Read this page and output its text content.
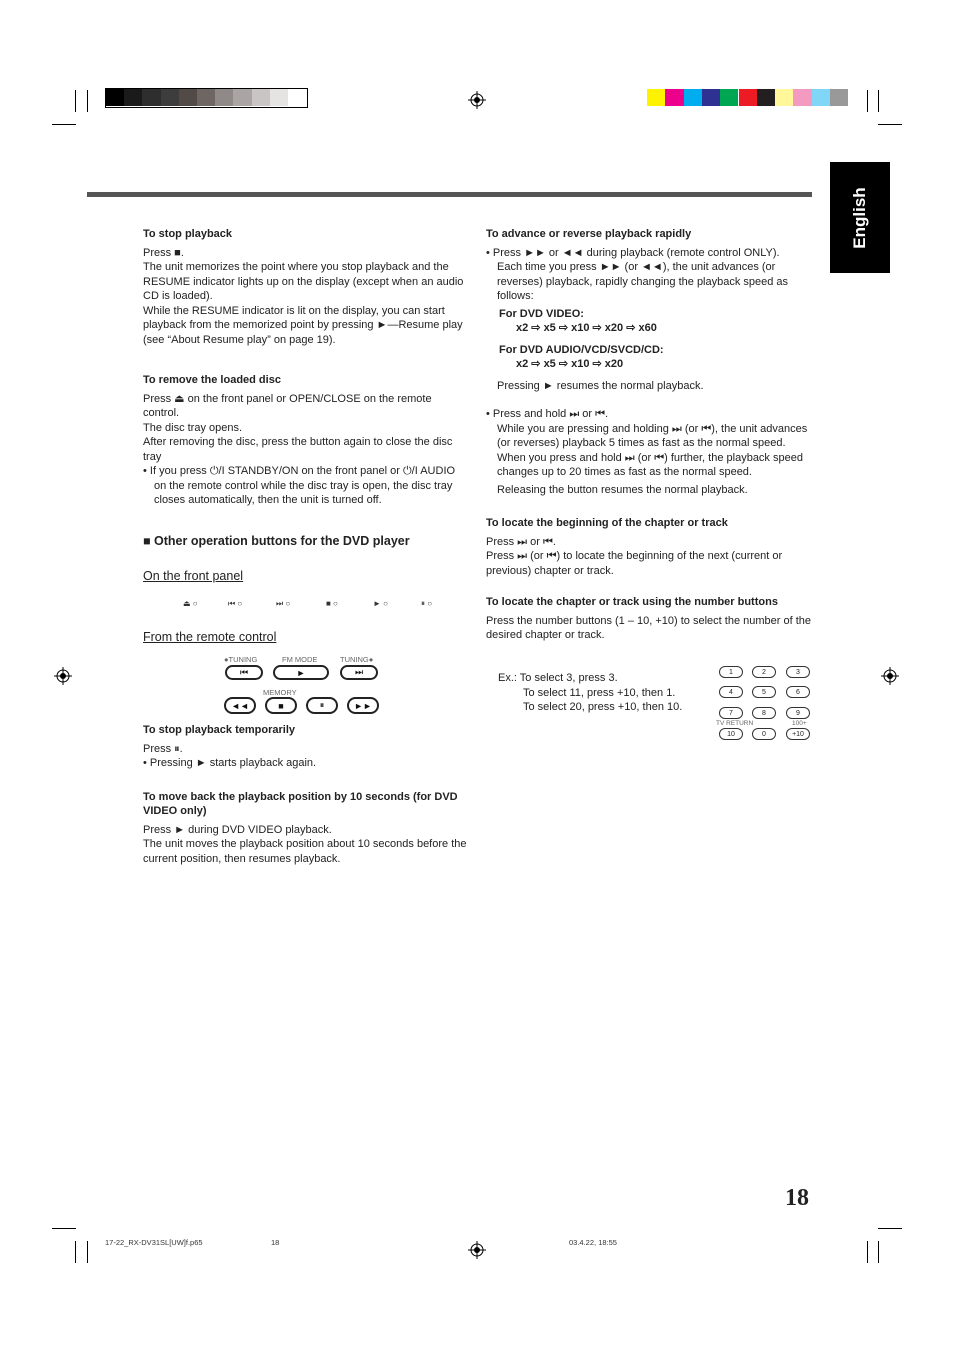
English

To stop playback

Press ■.

The unit memorizes the point where you stop playback and the RESUME indicator lights up on the display (except when an audio CD is loaded).

While the RESUME indicator is lit on the display, you can start playback from the memorized point by pressing ►—Resume play (see “About Resume play” on page 19).

To remove the loaded disc

Press ⏏ on the front panel or OPEN/CLOSE on the remote control.

The disc tray opens.

After removing the disc, press the button again to close the disc tray

• If you press ⏻/I STANDBY/ON on the front panel or ⏻/I AUDIO on the remote control while the disc tray is open, the disc tray closes automatically, then the unit is turned off.

■ Other operation buttons for the DVD player

On the front panel

⏏ ○	⏮ ○	⏭ ○	■ ○	► ○	⏸ ○

From the remote control

●TUNING	FM MODE	TUNING●
⏮	►	⏭
MEMORY
◄◄	■	⏸	►►

To stop playback temporarily

Press ⏸.

• Pressing ► starts playback again.

To move back the playback position by 10 seconds (for DVD VIDEO only)

Press ► during DVD VIDEO playback.

The unit moves the playback position about 10 seconds before the current position, then resumes playback.

To advance or reverse playback rapidly

• Press ►► or ◄◄ during playback (remote control ONLY).

Each time you press ►► (or ◄◄), the unit advances (or reverses) playback, rapidly changing the playback speed as follows:

For DVD VIDEO:

x2 ⇨ x5 ⇨ x10 ⇨ x20 ⇨ x60

For DVD AUDIO/VCD/SVCD/CD:

x2 ⇨ x5 ⇨ x10 ⇨ x20

Pressing ► resumes the normal playback.

• Press and hold ⏭ or ⏮.

While you are pressing and holding ⏭ (or ⏮), the unit advances (or reverses) playback 5 times as fast as the normal speed. When you press and hold ⏭ (or ⏮) further, the playback speed changes up to 20 times as fast as the normal speed.

Releasing the button resumes the normal playback.

To locate the beginning of the chapter or track

Press ⏭ or ⏮.

Press ⏭ (or ⏮) to locate the beginning of the next (current or previous) chapter or track.

To locate the chapter or track using the number buttons

Press the number buttons (1 – 10, +10) to select the number of the desired chapter or track.

Ex.: To select 3, press 3.

To select 11, press +10, then 1.

To select 20, press +10, then 10.

TV RETURN	100+
1	2	3
4	5	6
7	8	9
10	0	+10
18
17-22_RX-DV31SL[UW]f.p65	18	03.4.22, 18:55
